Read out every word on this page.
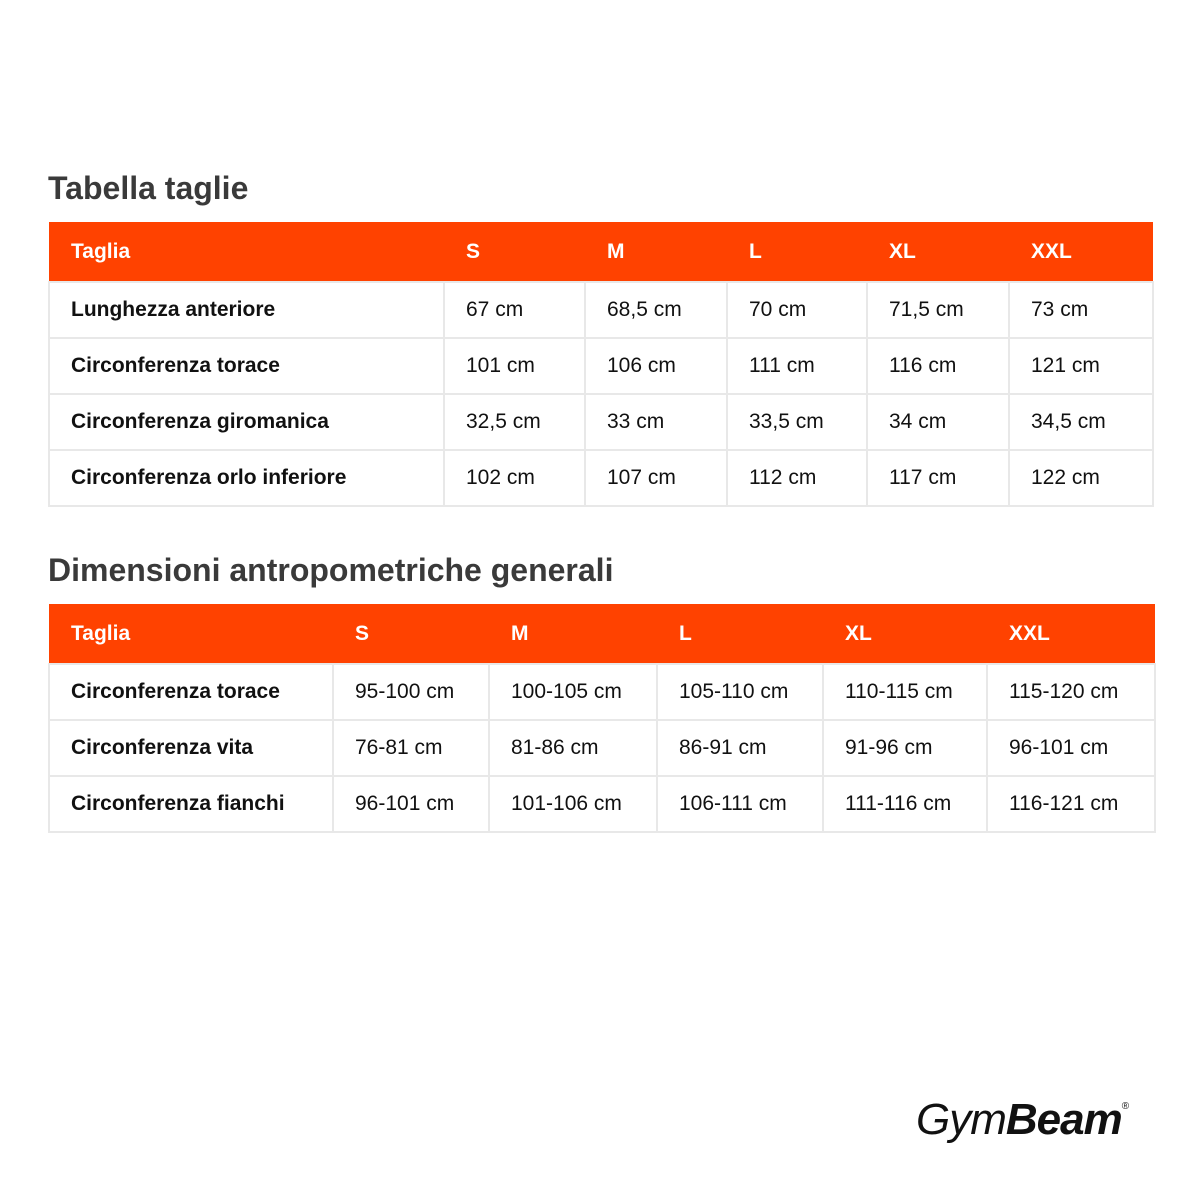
Tabella taglie
Taglia	S	M	L	XL	XXL
Lunghezza anteriore	67 cm	68,5 cm	70 cm	71,5 cm	73 cm
Circonferenza torace	101 cm	106 cm	111 cm	116 cm	121 cm
Circonferenza giromanica	32,5 cm	33 cm	33,5 cm	34 cm	34,5 cm
Circonferenza orlo inferiore	102 cm	107 cm	112 cm	117 cm	122 cm
Dimensioni antropometriche generali
Taglia	S	M	L	XL	XXL
Circonferenza torace	95-100 cm	100-105 cm	105-110 cm	110-115 cm	115-120 cm
Circonferenza vita	76-81 cm	81-86 cm	86-91 cm	91-96 cm	96-101 cm
Circonferenza fianchi	96-101 cm	101-106 cm	106-111 cm	111-116 cm	116-121 cm
GymBeam®
